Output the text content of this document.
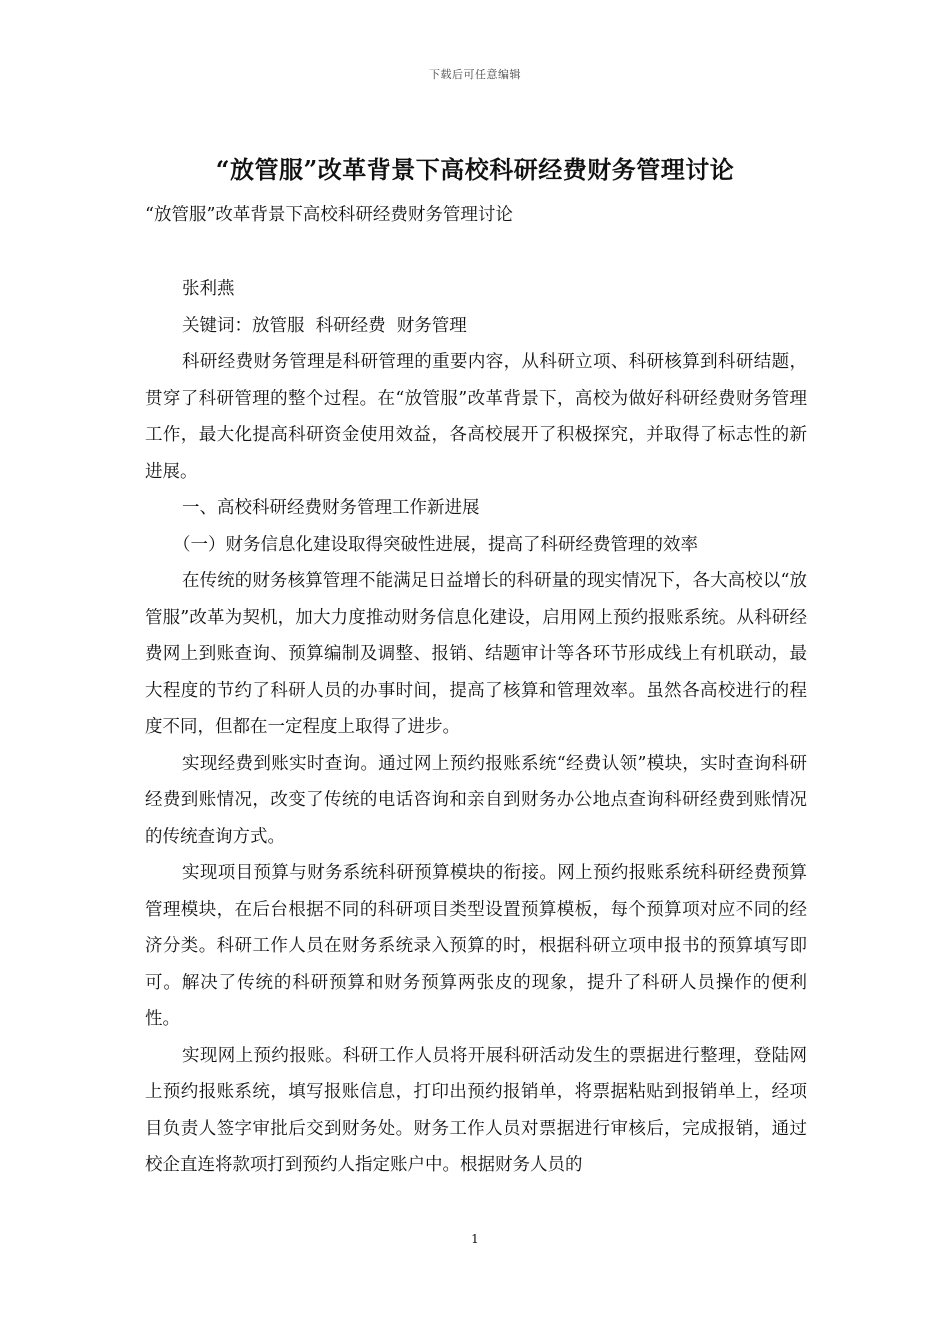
下载后可任意编辑
“放管服”改革背景下高校科研经费财务管理讨论
“放管服”改革背景下高校科研经费财务管理讨论

张利燕

关键词：放管服  科研经费  财务管理

科研经费财务管理是科研管理的重要内容，从科研立项、科研核算到科研结题，贯穿了科研管理的整个过程。在“放管服”改革背景下，高校为做好科研经费财务管理工作，最大化提高科研资金使用效益，各高校展开了积极探究，并取得了标志性的新进展。

一、高校科研经费财务管理工作新进展

（一）财务信息化建设取得突破性进展，提高了科研经费管理的效率

在传统的财务核算管理不能满足日益增长的科研量的现实情况下，各大高校以“放管服”改革为契机，加大力度推动财务信息化建设，启用网上预约报账系统。从科研经费网上到账查询、预算编制及调整、报销、结题审计等各环节形成线上有机联动，最大程度的节约了科研人员的办事时间，提高了核算和管理效率。虽然各高校进行的程度不同，但都在一定程度上取得了进步。

实现经费到账实时查询。通过网上预约报账系统“经费认领”模块，实时查询科研经费到账情况，改变了传统的电话咨询和亲自到财务办公地点查询科研经费到账情况的传统查询方式。

实现项目预算与财务系统科研预算模块的衔接。网上预约报账系统科研经费预算管理模块，在后台根据不同的科研项目类型设置预算模板，每个预算项对应不同的经济分类。科研工作人员在财务系统录入预算的时，根据科研立项申报书的预算填写即可。解决了传统的科研预算和财务预算两张皮的现象，提升了科研人员操作的便利性。

实现网上预约报账。科研工作人员将开展科研活动发生的票据进行整理，登陆网上预约报账系统，填写报账信息，打印出预约报销单，将票据粘贴到报销单上，经项目负责人签字审批后交到财务处。财务工作人员对票据进行审核后，完成报销，通过校企直连将款项打到预约人指定账户中。根据财务人员的

1
